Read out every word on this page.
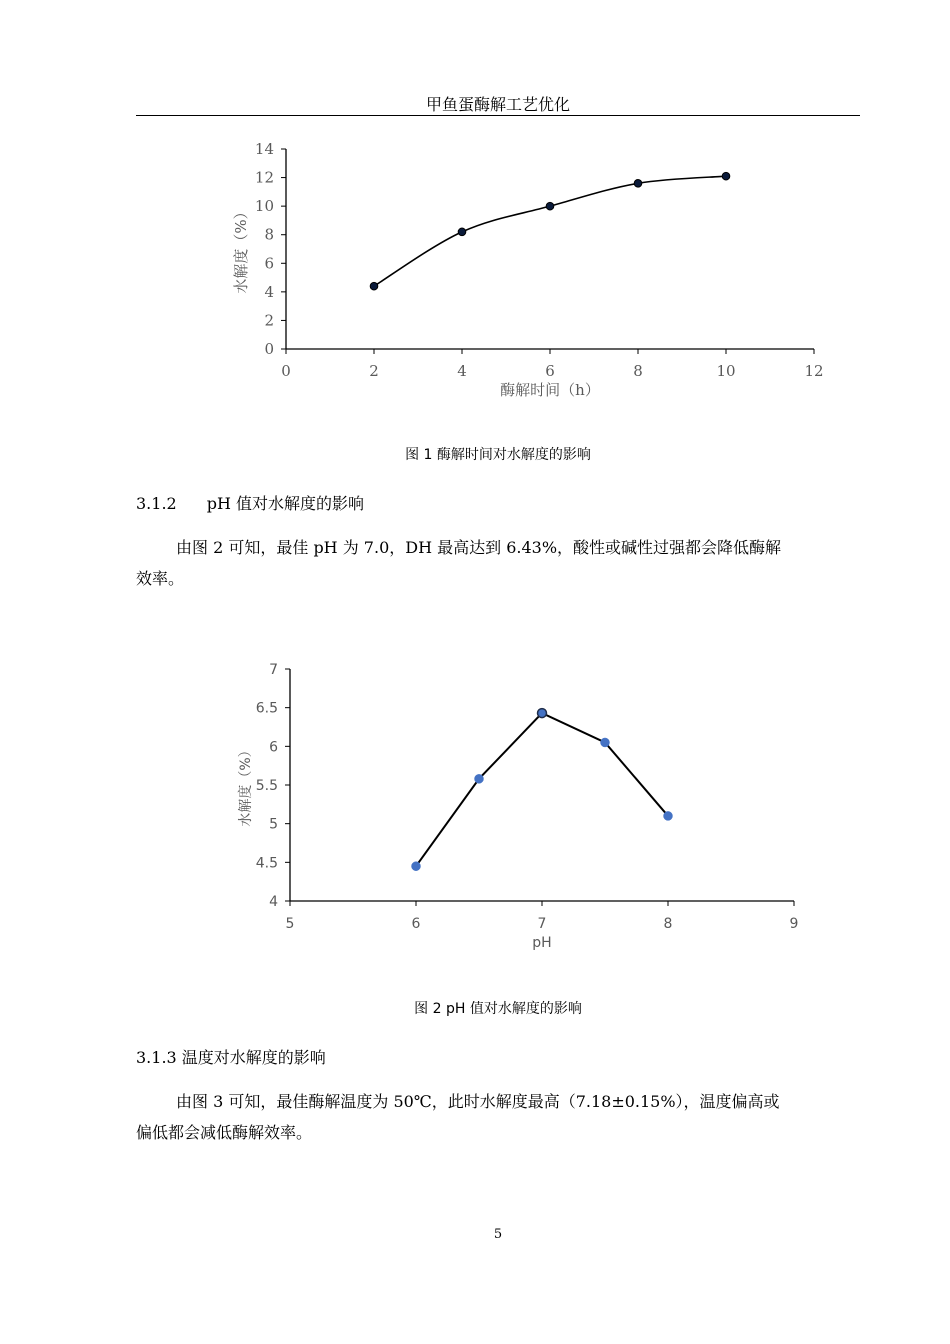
甲鱼蛋酶解工艺优化
0	2	4	6	8	10	12
0
2
4
6
8
10
12
14
酶解时间（h）
水解度（%）
图 1 酶解时间对水解度的影响
3.1.2 pH 值对水解度的影响
由图 2 可知，最佳 pH 为 7.0，DH 最高达到 6.43%，酸性或碱性过强都会降低酶解
效率。
5	6	7	8	9
4
4.5
5
5.5
6
6.5
7
pH
水解度（%）
图 2 pH 值对水解度的影响
3.1.3 温度对水解度的影响
由图 3 可知，最佳酶解温度为 50℃，此时水解度最高（7.18±0.15%），温度偏高或
偏低都会减低酶解效率。
5
